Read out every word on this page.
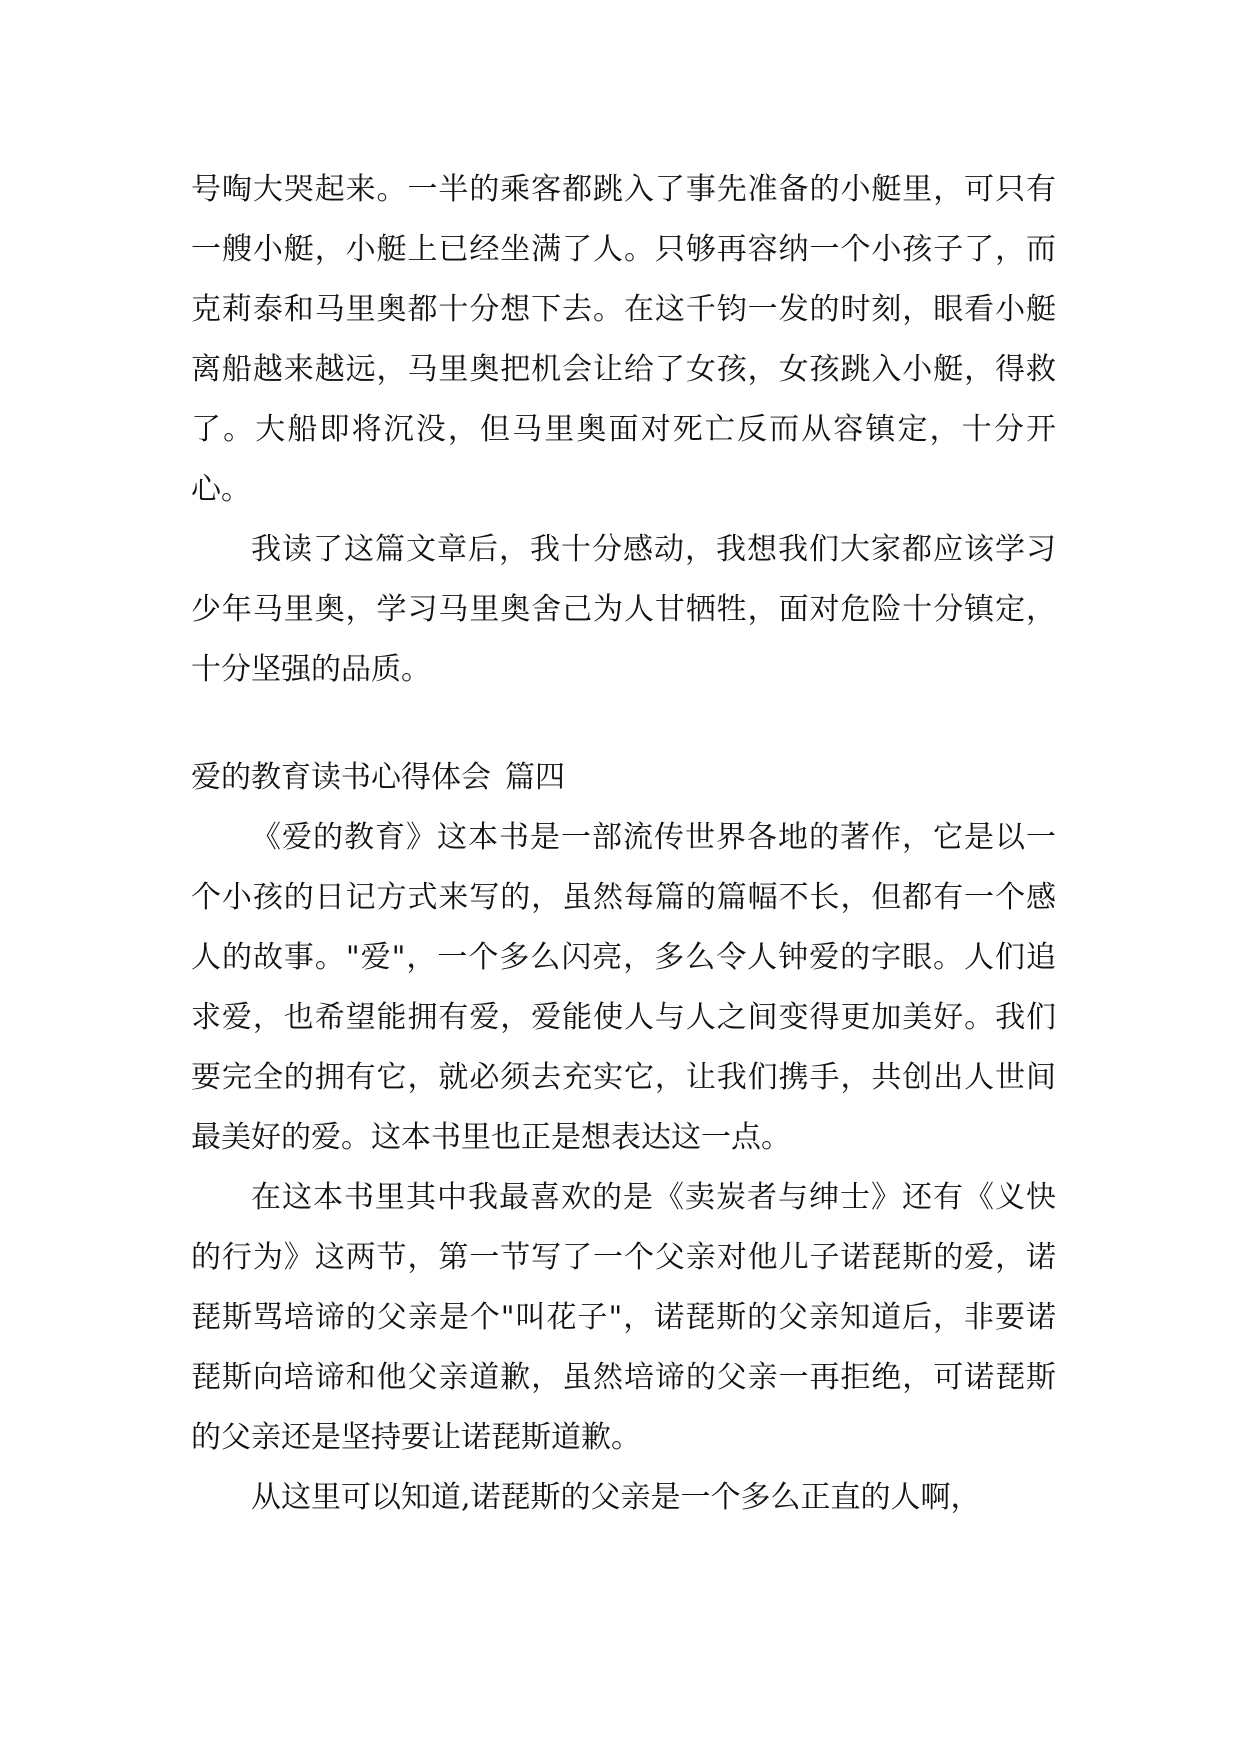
号啕大哭起来。一半的乘客都跳入了事先准备的小艇里，可只有一艘小艇，小艇上已经坐满了人。只够再容纳一个小孩子了，而克莉泰和马里奥都十分想下去。在这千钧一发的时刻，眼看小艇离船越来越远，马里奥把机会让给了女孩，女孩跳入小艇，得救了。大船即将沉没，但马里奥面对死亡反而从容镇定，十分开心。

我读了这篇文章后，我十分感动，我想我们大家都应该学习少年马里奥，学习马里奥舍己为人甘牺牲，面对危险十分镇定，十分坚强的品质。

爱的教育读书心得体会 篇四

《爱的教育》这本书是一部流传世界各地的著作，它是以一个小孩的日记方式来写的，虽然每篇的篇幅不长，但都有一个感人的故事。"爱"，一个多么闪亮，多么令人钟爱的字眼。人们追求爱，也希望能拥有爱，爱能使人与人之间变得更加美好。我们要完全的拥有它，就必须去充实它，让我们携手，共创出人世间最美好的爱。这本书里也正是想表达这一点。

在这本书里其中我最喜欢的是《卖炭者与绅士》还有《义快的行为》这两节，第一节写了一个父亲对他儿子诺琵斯的爱，诺琵斯骂培谛的父亲是个"叫花子"，诺琵斯的父亲知道后，非要诺琵斯向培谛和他父亲道歉，虽然培谛的父亲一再拒绝，可诺琵斯的父亲还是坚持要让诺琵斯道歉。

从这里可以知道,诺琵斯的父亲是一个多么正直的人啊，
